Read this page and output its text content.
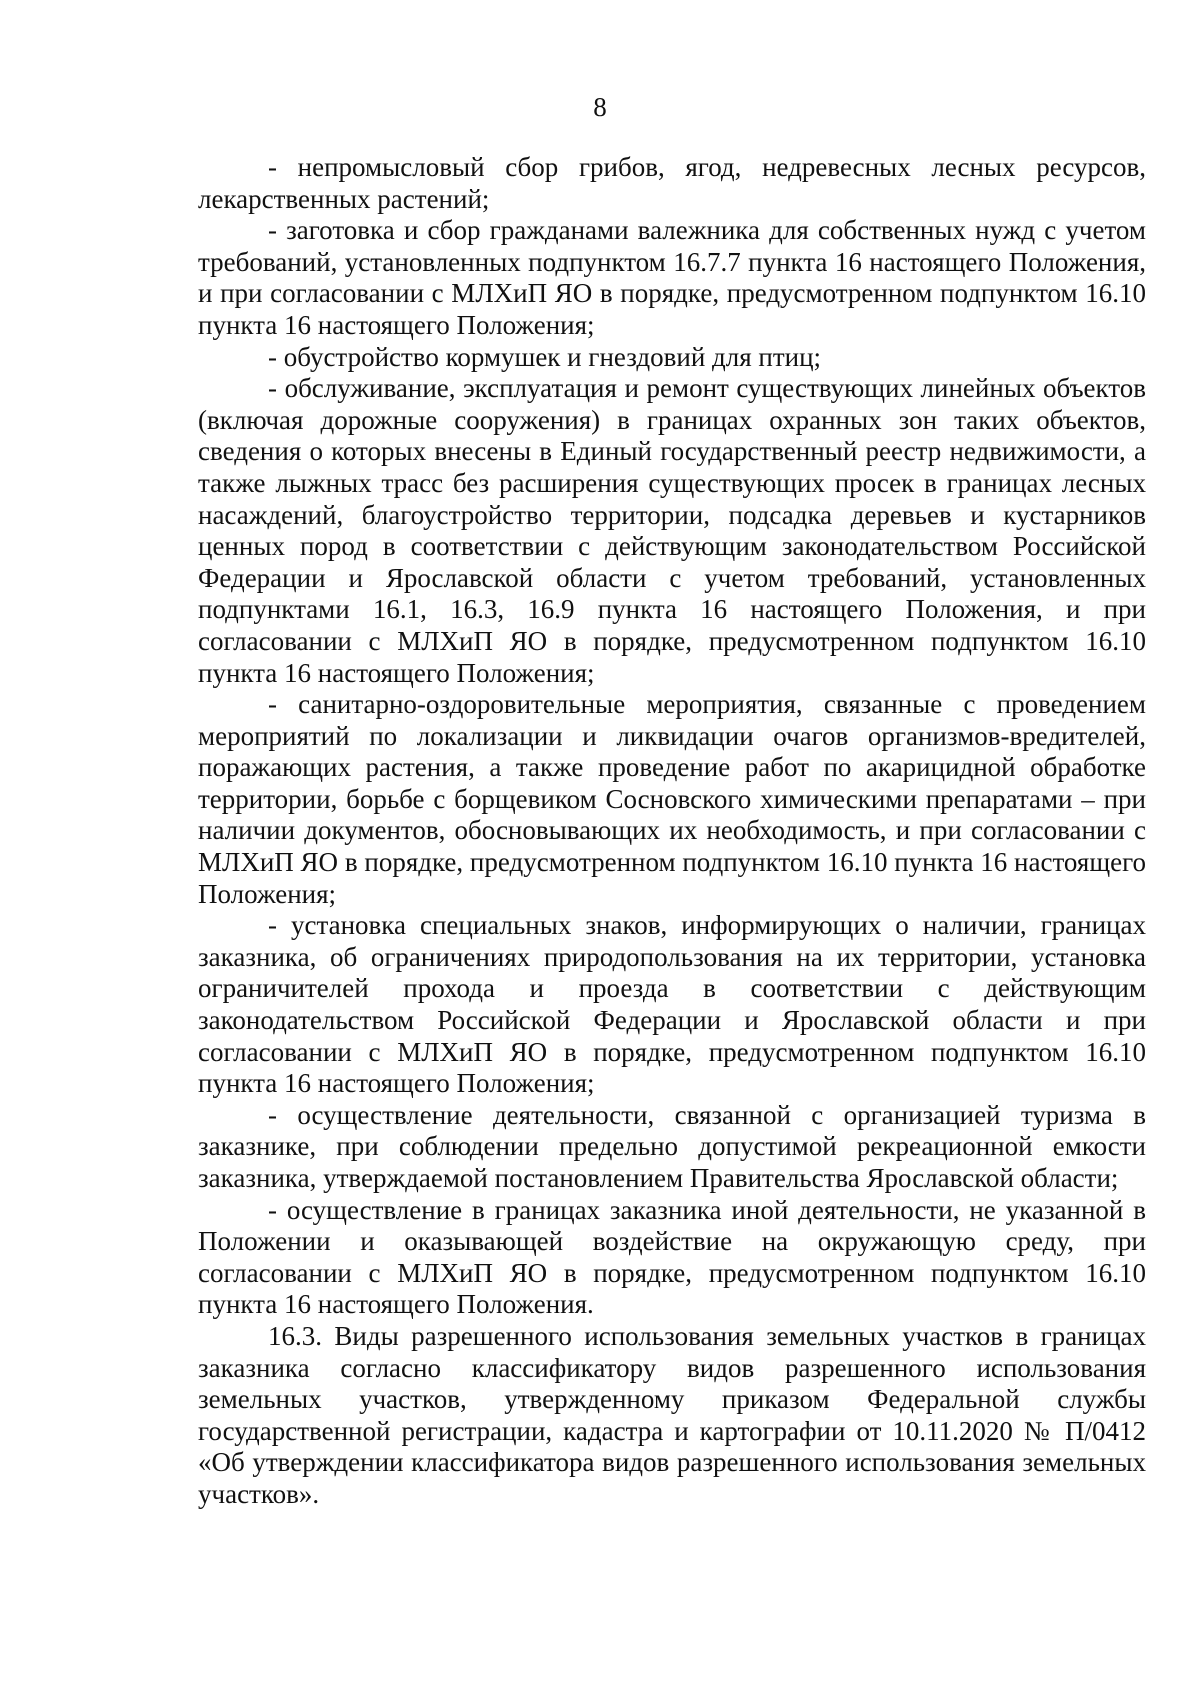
8

- непромысловый сбор грибов, ягод, недревесных лесных ресурсов, лекарственных растений;

- заготовка и сбор гражданами валежника для собственных нужд с учетом требований, установленных подпунктом 16.7.7 пункта 16 настоящего Положения, и при согласовании с МЛХиП ЯО в порядке, предусмотренном подпунктом 16.10 пункта 16 настоящего Положения;

- обустройство кормушек и гнездовий для птиц;

- обслуживание, эксплуатация и ремонт существующих линейных объектов (включая дорожные сооружения) в границах охранных зон таких объектов, сведения о которых внесены в Единый государственный реестр недвижимости, а также лыжных трасс без расширения существующих просек в границах лесных насаждений, благоустройство территории, подсадка деревьев и кустарников ценных пород в соответствии с действующим законодательством Российской Федерации и Ярославской области с учетом требований, установленных подпунктами 16.1, 16.3, 16.9 пункта 16 настоящего Положения, и при согласовании с МЛХиП ЯО в порядке, предусмотренном подпунктом 16.10 пункта 16 настоящего Положения;

- санитарно-оздоровительные мероприятия, связанные с проведением мероприятий по локализации и ликвидации очагов организмов-вредителей, поражающих растения, а также проведение работ по акарицидной обработке территории, борьбе с борщевиком Сосновского химическими препаратами – при наличии документов, обосновывающих их необходимость, и при согласовании с МЛХиП ЯО в порядке, предусмотренном подпунктом 16.10 пункта 16 настоящего Положения;

- установка специальных знаков, информирующих о наличии, границах заказника, об ограничениях природопользования на их территории, установка ограничителей прохода и проезда в соответствии с действующим законодательством Российской Федерации и Ярославской области и при согласовании с МЛХиП ЯО в порядке, предусмотренном подпунктом 16.10 пункта 16 настоящего Положения;

- осуществление деятельности, связанной с организацией туризма в заказнике, при соблюдении предельно допустимой рекреационной емкости заказника, утверждаемой постановлением Правительства Ярославской области;

- осуществление в границах заказника иной деятельности, не указанной в Положении и оказывающей воздействие на окружающую среду, при согласовании с МЛХиП ЯО в порядке, предусмотренном подпунктом 16.10 пункта 16 настоящего Положения.

16.3. Виды разрешенного использования земельных участков в границах заказника согласно классификатору видов разрешенного использования земельных участков, утвержденному приказом Федеральной службы государственной регистрации, кадастра и картографии от 10.11.2020 № П/0412 «Об утверждении классификатора видов разрешенного использования земельных участков».
